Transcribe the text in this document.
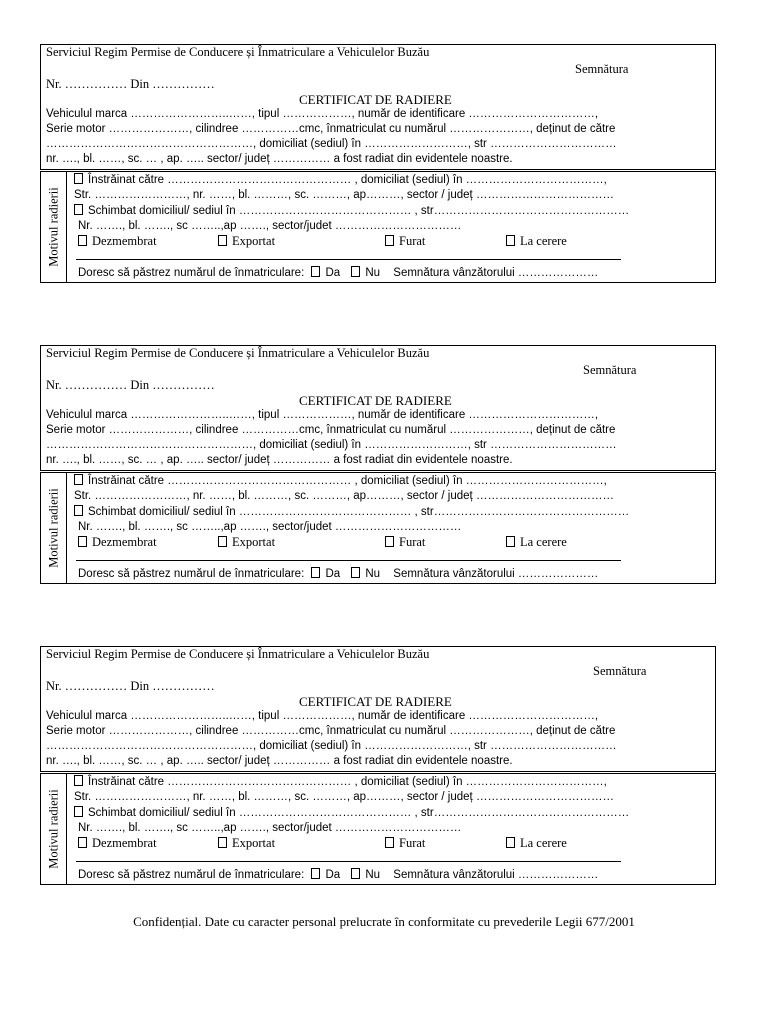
Serviciul Regim Permise de Conducere și Înmatriculare a Vehiculelor Buzău
Semnătura
Nr. …………… Din ……………
CERTIFICAT DE RADIERE
Vehiculul marca ……………………..……, tipul ………………, număr de identificare ……………………………,
Serie motor …………………, cilindree ……………cmc, înmatriculat cu numărul …………………, deținut de către
………………………………………………, domiciliat (sediul) în ………………………, str ……………………………
nr. …., bl. ……, sc. … , ap. ….. sector/ județ …………… a fost radiat din evidentele noastre.
Motivul radierii
Înstrăinat către ………………………………………… , domiciliat (sediul) în ………………………………,
Str. ……………………, nr. ……, bl. ………, sc. ………, ap………, sector / județ ………………………………
Schimbat domiciliul/ sediul în ……………………………………… , str……………………………………………
Nr. ……., bl. ……., sc ……..,ap ……., sector/judet ……………………………
Dezmembrat	Exportat	Furat	La cerere
Doresc să păstrez numărul de înmatriculare: Da Nu Semnătura vânzătorului …………………
Serviciul Regim Permise de Conducere și Înmatriculare a Vehiculelor Buzău
Semnătura
Nr. …………… Din ……………
CERTIFICAT DE RADIERE
Vehiculul marca ……………………..……, tipul ………………, număr de identificare ……………………………,
Serie motor …………………, cilindree ……………cmc, înmatriculat cu numărul …………………, deținut de către
………………………………………………, domiciliat (sediul) în ………………………, str ……………………………
nr. …., bl. ……, sc. … , ap. ….. sector/ județ …………… a fost radiat din evidentele noastre.
Motivul radierii
Înstrăinat către ………………………………………… , domiciliat (sediul) în ………………………………,
Str. ……………………, nr. ……, bl. ………, sc. ………, ap………, sector / județ ………………………………
Schimbat domiciliul/ sediul în ……………………………………… , str……………………………………………
Nr. ……., bl. ……., sc ……..,ap ……., sector/judet ……………………………
Dezmembrat	Exportat	Furat	La cerere
Doresc să păstrez numărul de înmatriculare: Da Nu Semnătura vânzătorului …………………
Serviciul Regim Permise de Conducere și Înmatriculare a Vehiculelor Buzău
Semnătura
Nr. …………… Din ……………
CERTIFICAT DE RADIERE
Vehiculul marca ……………………..……, tipul ………………, număr de identificare ……………………………,
Serie motor …………………, cilindree ……………cmc, înmatriculat cu numărul …………………, deținut de către
………………………………………………, domiciliat (sediul) în ………………………, str ……………………………
nr. …., bl. ……, sc. … , ap. ….. sector/ județ …………… a fost radiat din evidentele noastre.
Motivul radierii
Înstrăinat către ………………………………………… , domiciliat (sediul) în ………………………………,
Str. ……………………, nr. ……, bl. ………, sc. ………, ap………, sector / județ ………………………………
Schimbat domiciliul/ sediul în ……………………………………… , str……………………………………………
Nr. ……., bl. ……., sc ……..,ap ……., sector/judet ……………………………
Dezmembrat	Exportat	Furat	La cerere
Doresc să păstrez numărul de înmatriculare: Da Nu Semnătura vânzătorului …………………
Confidențial. Date cu caracter personal prelucrate în conformitate cu prevederile Legii 677/2001
